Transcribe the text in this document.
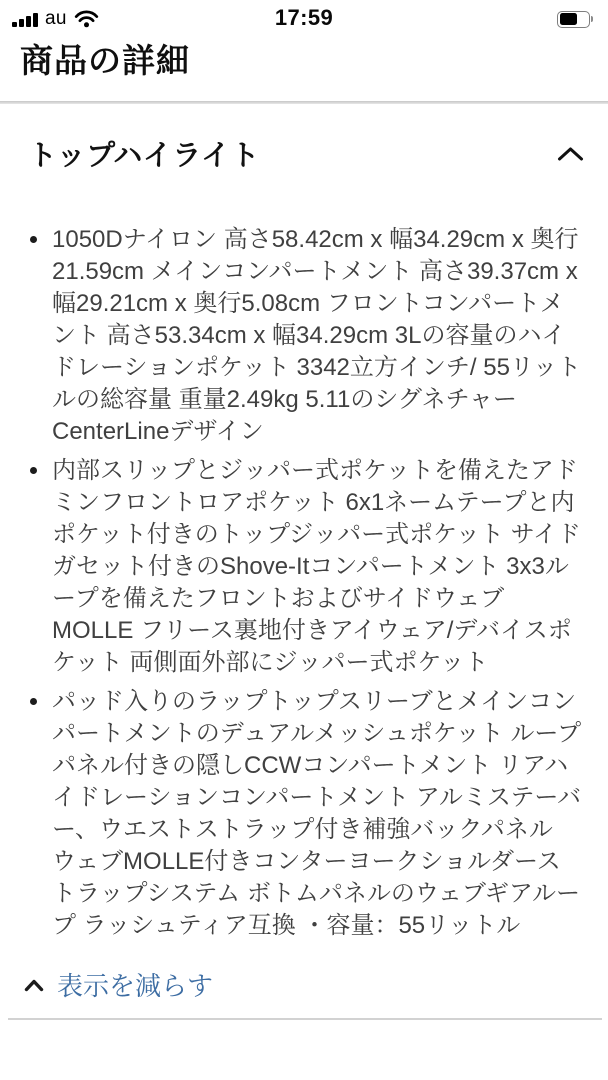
au	17:59
商品の詳細
トップハイライト
1050Dナイロン 高さ58.42cm x 幅34.29cm x 奥行21.59cm メインコンパートメント 高さ39.37cm x 幅29.21cm x 奥行5.08cm フロントコンパートメント 高さ53.34cm x 幅34.29cm 3Lの容量のハイドレーションポケット 3342立方インチ/ 55リットルの総容量 重量2.49kg 5.11のシグネチャーCenterLineデザイン
内部スリップとジッパー式ポケットを備えたアドミンフロントロアポケット 6x1ネームテープと内ポケット付きのトップジッパー式ポケット サイドガセット付きのShove-Itコンパートメント 3x3ループを備えたフロントおよびサイドウェブMOLLE フリース裏地付きアイウェア/デバイスポケット 両側面外部にジッパー式ポケット
パッド入りのラップトップスリーブとメインコンパートメントのデュアルメッシュポケット ループパネル付きの隠しCCWコンパートメント リアハイドレーションコンパートメント アルミステーバー、ウエストストラップ付き補強バックパネル ウェブMOLLE付きコンターヨークショルダーストラップシステム ボトムパネルのウェブギアループ ラッシュティア互換 ・容量：55リットル
表示を減らす
